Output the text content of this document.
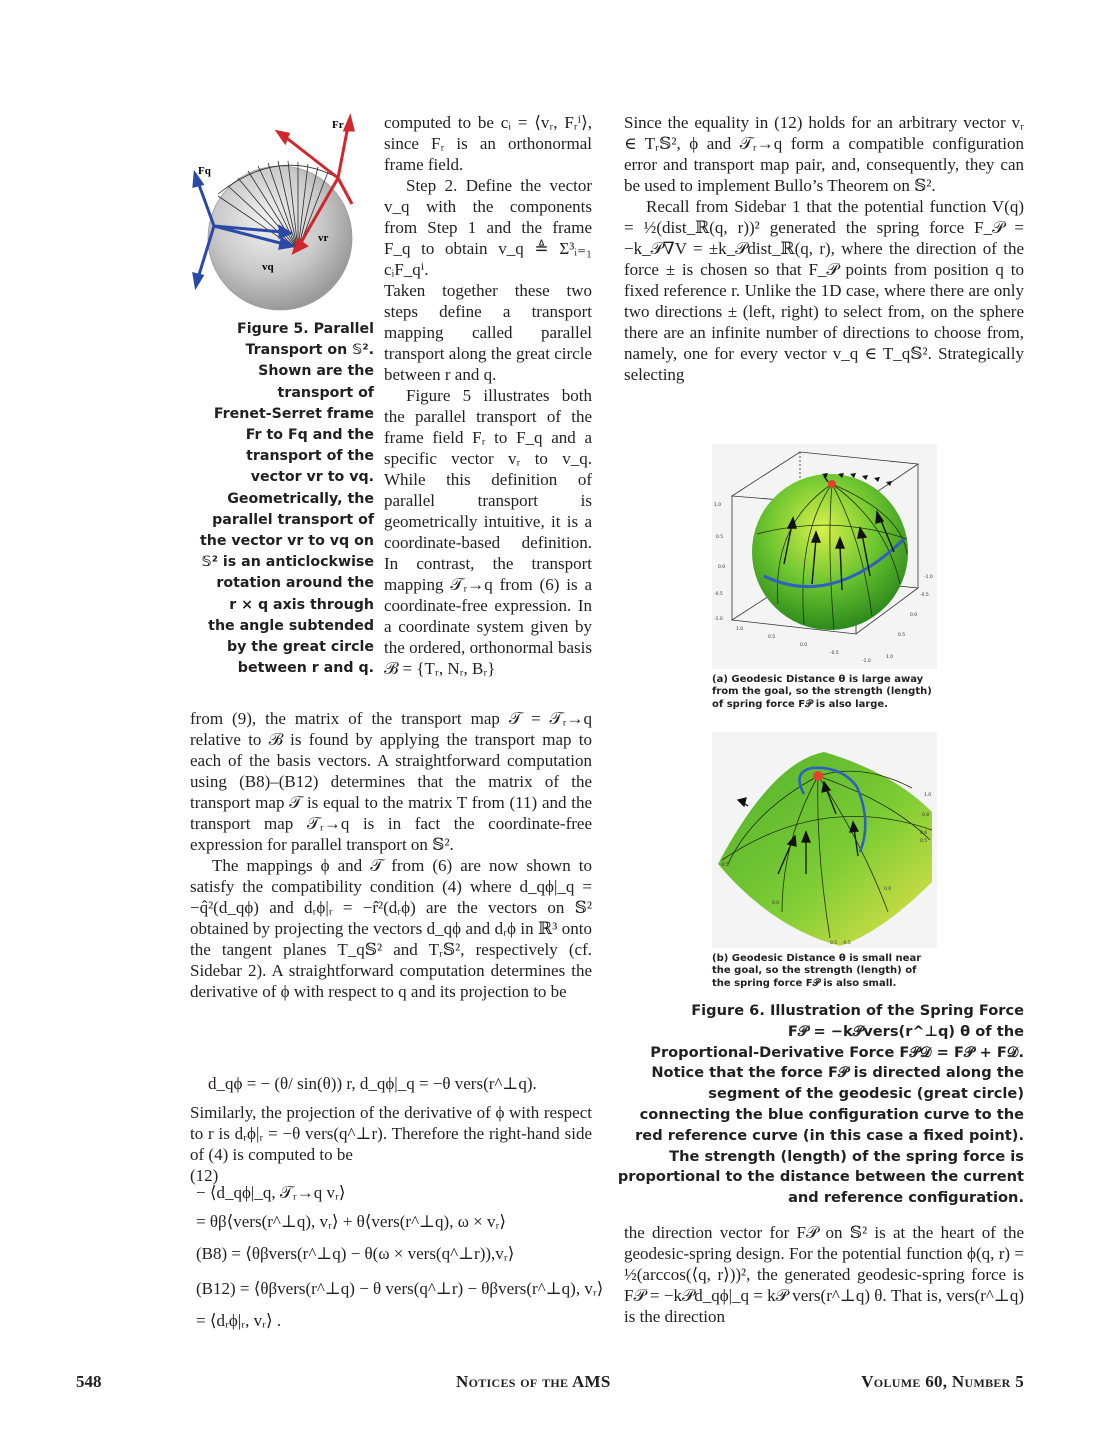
Fr
Fq
vr
vq
Figure 5. Parallel
Transport on 𝕊².
Shown are the
transport of
Frenet-Serret frame
Fr to Fq and the
transport of the
vector vr to vq.
Geometrically, the
parallel transport of
the vector vr to vq on
𝕊² is an anticlockwise
rotation around the
r × q axis through
the angle subtended
by the great circle
between r and q.

computed to be cᵢ = ⟨vᵣ, Fᵣⁱ⟩, since Fᵣ is an orthonormal frame field.

Step 2. Define the vector v_q with the components from Step 1 and the frame F_q to obtain v_q ≜ Σ³ᵢ₌₁ cᵢF_qⁱ.

Taken together these two steps define a transport mapping called parallel transport along the great circle between r and q.

Figure 5 illustrates both the parallel transport of the frame field Fᵣ to F_q and a specific vector vᵣ to v_q. While this definition of parallel transport is geometrically intuitive, it is a coordinate-based definition. In contrast, the transport mapping 𝒯ᵣ→q from (6) is a coordinate-free expression. In a coordinate system given by the ordered, orthonormal basis ℬ = {Tᵣ, Nᵣ, Bᵣ}

from (9), the matrix of the transport map 𝒯 = 𝒯ᵣ→q relative to ℬ is found by applying the transport map to each of the basis vectors. A straightforward computation using (B8)–(B12) determines that the matrix of the transport map 𝒯 is equal to the matrix T from (11) and the transport map 𝒯ᵣ→q is in fact the coordinate-free expression for parallel transport on 𝕊².

The mappings ϕ and 𝒯 from (6) are now shown to satisfy the compatibility condition (4) where d_qϕ|_q = −q̂²(d_qϕ) and dᵣϕ|ᵣ = −r̂²(dᵣϕ) are the vectors on 𝕊² obtained by projecting the vectors d_qϕ and dᵣϕ in ℝ³ onto the tangent planes T_q𝕊² and Tᵣ𝕊², respectively (cf. Sidebar 2). A straightforward computation determines the derivative of ϕ with respect to q and its projection to be

d_qϕ = − (θ/ sin(θ)) r, d_qϕ|_q = −θ vers(r^⊥q).
Similarly, the projection of the derivative of ϕ with respect to r is dᵣϕ|ᵣ = −θ vers(q^⊥r). Therefore the right-hand side of (4) is computed to be
(12)
− ⟨d_qϕ|_q, 𝒯ᵣ→q vᵣ⟩
= θβ⟨vers(r^⊥q), vᵣ⟩ + θ⟨vers(r^⊥q), ω × vᵣ⟩
(B8) = ⟨θβvers(r^⊥q) − θ(ω × vers(q^⊥r)),vᵣ⟩
(B12) = ⟨θβvers(r^⊥q) − θ vers(q^⊥r) − θβvers(r^⊥q), vᵣ⟩
= ⟨dᵣϕ|ᵣ, vᵣ⟩ .

Since the equality in (12) holds for an arbitrary vector vᵣ ∈ Tᵣ𝕊², ϕ and 𝒯ᵣ→q form a compatible configuration error and transport map pair, and, consequently, they can be used to implement Bullo’s Theorem on 𝕊².

Recall from Sidebar 1 that the potential function V(q) = ½(dist_ℝ(q, r))² generated the spring force F_𝒫 = −k_𝒫∇V = ±k_𝒫dist_ℝ(q, r), where the direction of the force ± is chosen so that F_𝒫 points from position q to fixed reference r. Unlike the 1D case, where there are only two directions ± (left, right) to select from, on the sphere there are an infinite number of directions to choose from, namely, one for every vector v_q ∈ T_q𝕊². Strategically selecting

1.0
0.5
0.0
-0.5
-1.0
-1.0
-0.5
0.0
0.5
1.0
1.0
0.5
0.0
-0.5
-1.0
(a) Geodesic Distance θ is large away from the goal, so the strength (length) of spring force F𝒫 is also large.
1.0
0.8
0.6
0.5
-0.5
0.0
0.0
0.5 -0.5
(b) Geodesic Distance θ is small near the goal, so the strength (length) of the spring force F𝒫 is also small.
Figure 6. Illustration of the Spring Force
F𝒫 = −k𝒫vers(r^⊥q) θ of the
Proportional-Derivative Force F𝒫𝒟 = F𝒫 + F𝒟.
Notice that the force F𝒫 is directed along the
segment of the geodesic (great circle)
connecting the blue configuration curve to the
red reference curve (in this case a fixed point).
The strength (length) of the spring force is
proportional to the distance between the current
and reference configuration.
the direction vector for F𝒫 on 𝕊² is at the heart of the geodesic-spring design. For the potential function ϕ(q, r) = ½(arccos(⟨q, r⟩))², the generated geodesic-spring force is F𝒫 = −k𝒫d_qϕ|_q = k𝒫 vers(r^⊥q) θ. That is, vers(r^⊥q) is the direction
548	Notices of the AMS	Volume 60, Number 5
